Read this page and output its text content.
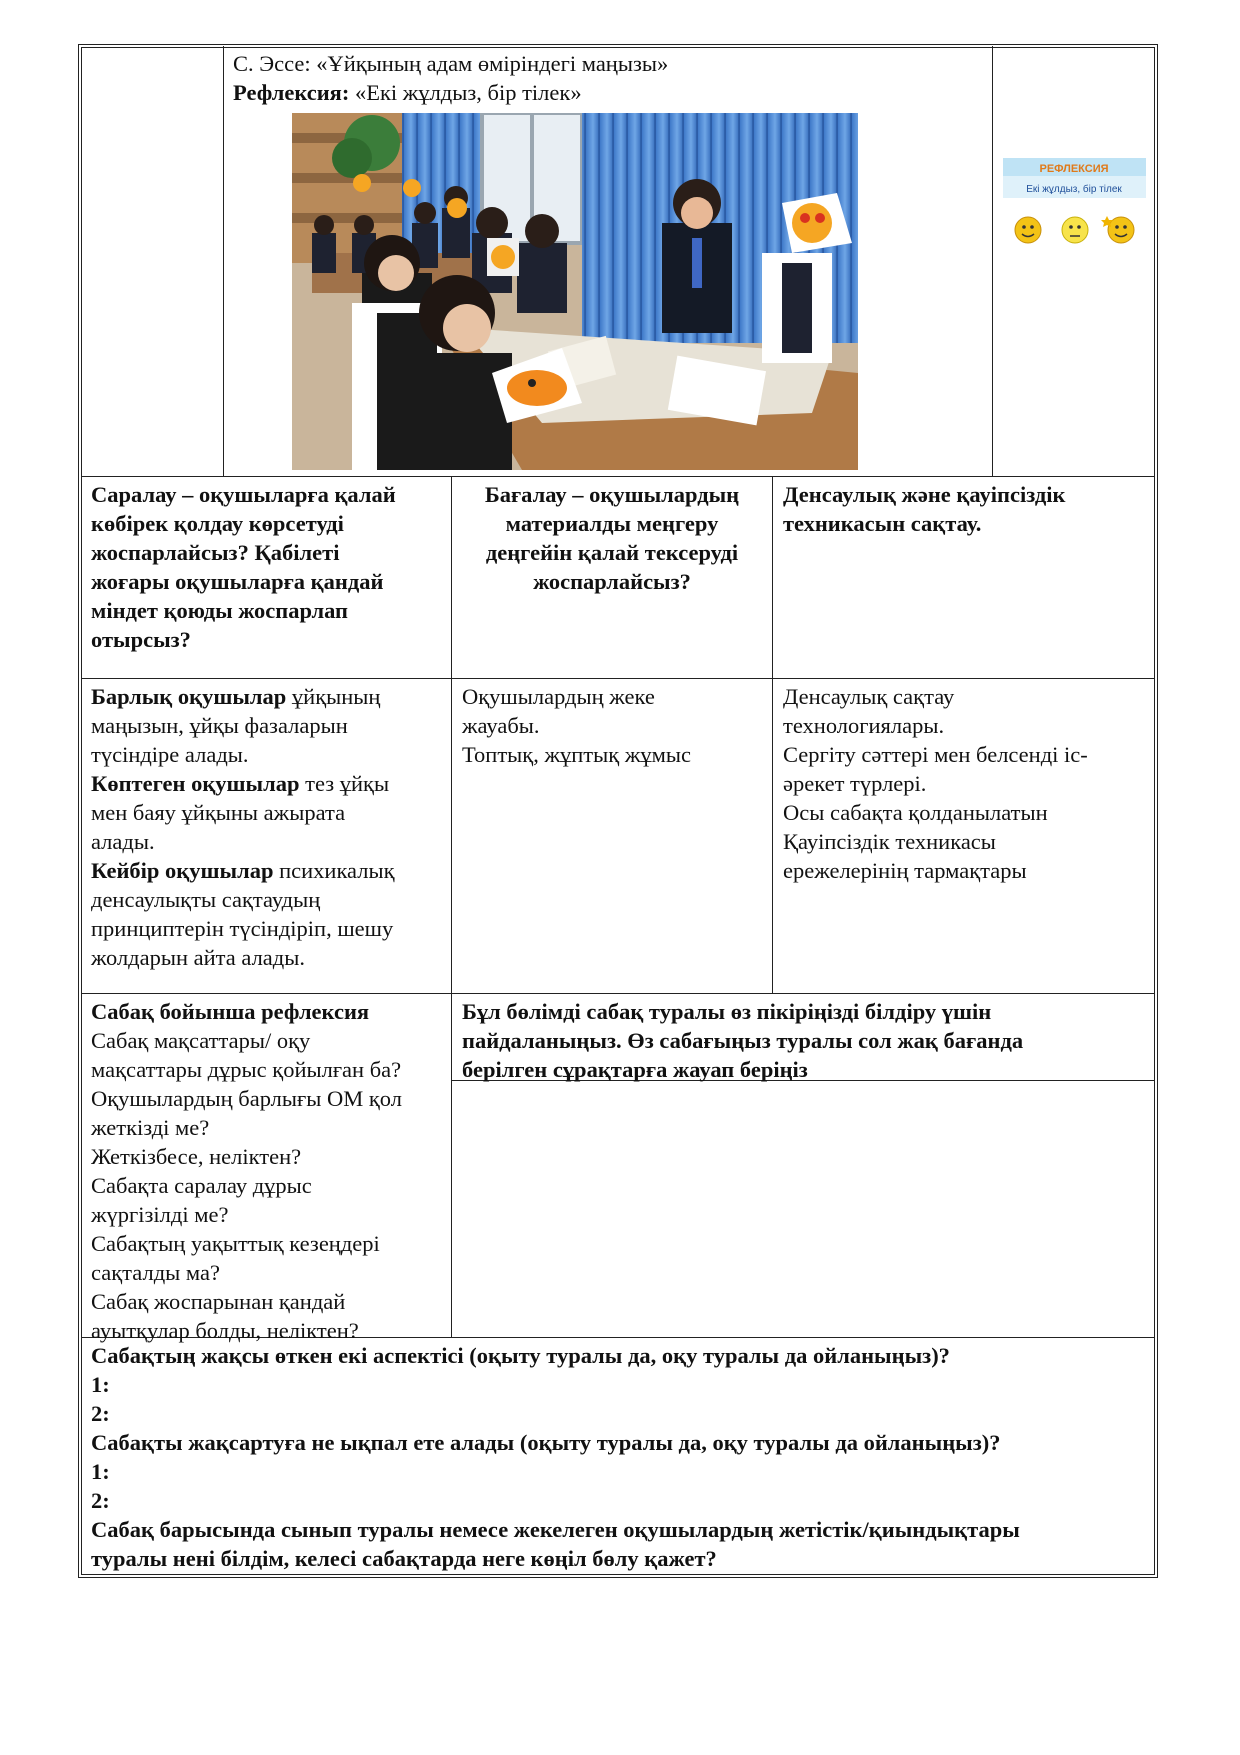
С. Эссе: «Ұйқының адам өміріндегі маңызы»
Рефлексия: «Екі жұлдыз, бір тілек»
РЕФЛЕКСИЯ
Екі жұлдыз, бір тілек
Саралау – оқушыларға қалай
көбірек қолдау көрсетуді
жоспарлайсыз? Қабілеті
жоғары оқушыларға қандай
міндет қоюды жоспарлап
отырсыз?
Бағалау – оқушылардың
материалды меңгеру
деңгейін қалай тексеруді
жоспарлайсыз?
Денсаулық және қауіпсіздік
техникасын сақтау.
Барлық оқушылар ұйқының
маңызын, ұйқы фазаларын
түсіндіре алады.
Көптеген оқушылар тез ұйқы
мен баяу ұйқыны ажырата
алады.
Кейбір оқушылар психикалық
денсаулықты сақтаудың
принциптерін түсіндіріп, шешу
жолдарын айта алады.
Оқушылардың жеке
жауабы.
Топтық, жұптық жұмыс
Денсаулық сақтау
технологиялары.
Сергіту сәттері мен белсенді іс-
әрекет түрлері.
Осы сабақта қолданылатын
Қауіпсіздік техникасы
ережелерінің тармақтары
Сабақ бойынша рефлексия
Сабақ мақсаттары/ оқу
мақсаттары дұрыс қойылған ба?
Оқушылардың барлығы ОМ қол
жеткізді ме?
Жеткізбесе, неліктен?
Сабақта саралау дұрыс
жүргізілді ме?
Сабақтың уақыттық кезеңдері
сақталды ма?
Сабақ жоспарынан қандай
ауытқулар болды, неліктен?
Бұл бөлімді сабақ туралы өз пікіріңізді білдіру үшін
пайдаланыңыз. Өз сабағыңыз туралы сол жақ бағанда
берілген сұрақтарға жауап беріңіз
Сабақтың жақсы өткен екі аспектісі (оқыту туралы да, оқу туралы да ойланыңыз)?
1:
2:
Сабақты жақсартуға не ықпал ете алады (оқыту туралы да, оқу туралы да ойланыңыз)?
1:
2:
Сабақ барысында сынып туралы немесе жекелеген оқушылардың жетістік/қиындықтары
туралы нені білдім, келесі сабақтарда неге көңіл бөлу қажет?
